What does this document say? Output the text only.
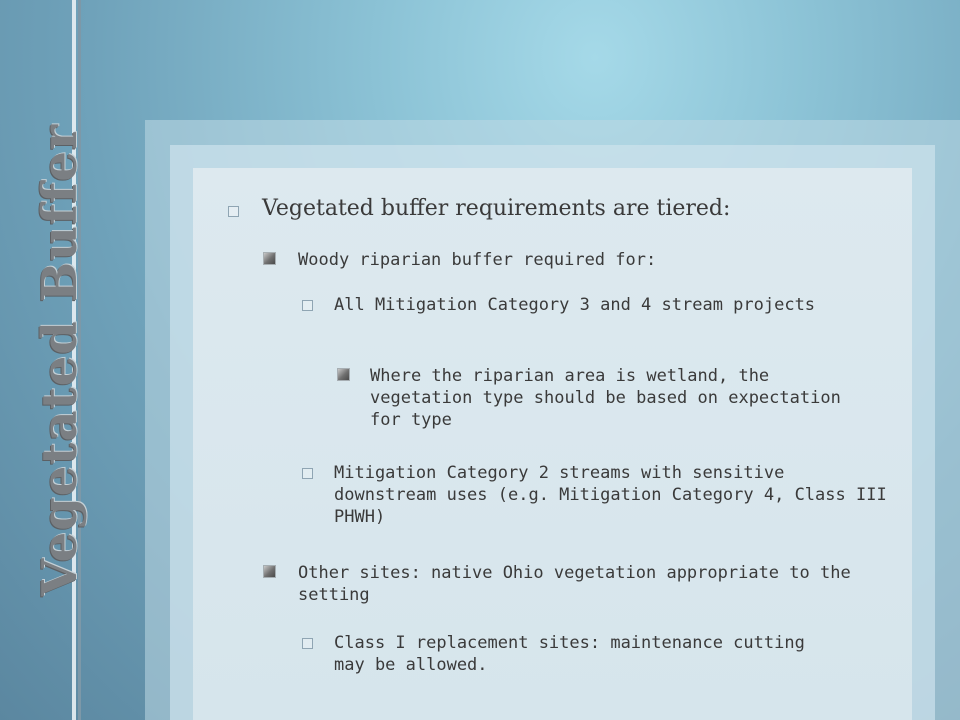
Vegetated Buffer	Vegetated buffer requirements are tiered:
Woody riparian buffer required for:
All Mitigation Category 3 and 4 stream projects
Where the riparian area is wetland, the vegetation type should be based on expectation for type
Mitigation Category 2 streams with sensitive downstream uses (e.g. Mitigation Category 4, Class III PHWH)
Other sites: native Ohio vegetation appropriate to the setting
Class I replacement sites: maintenance cutting may be allowed.
